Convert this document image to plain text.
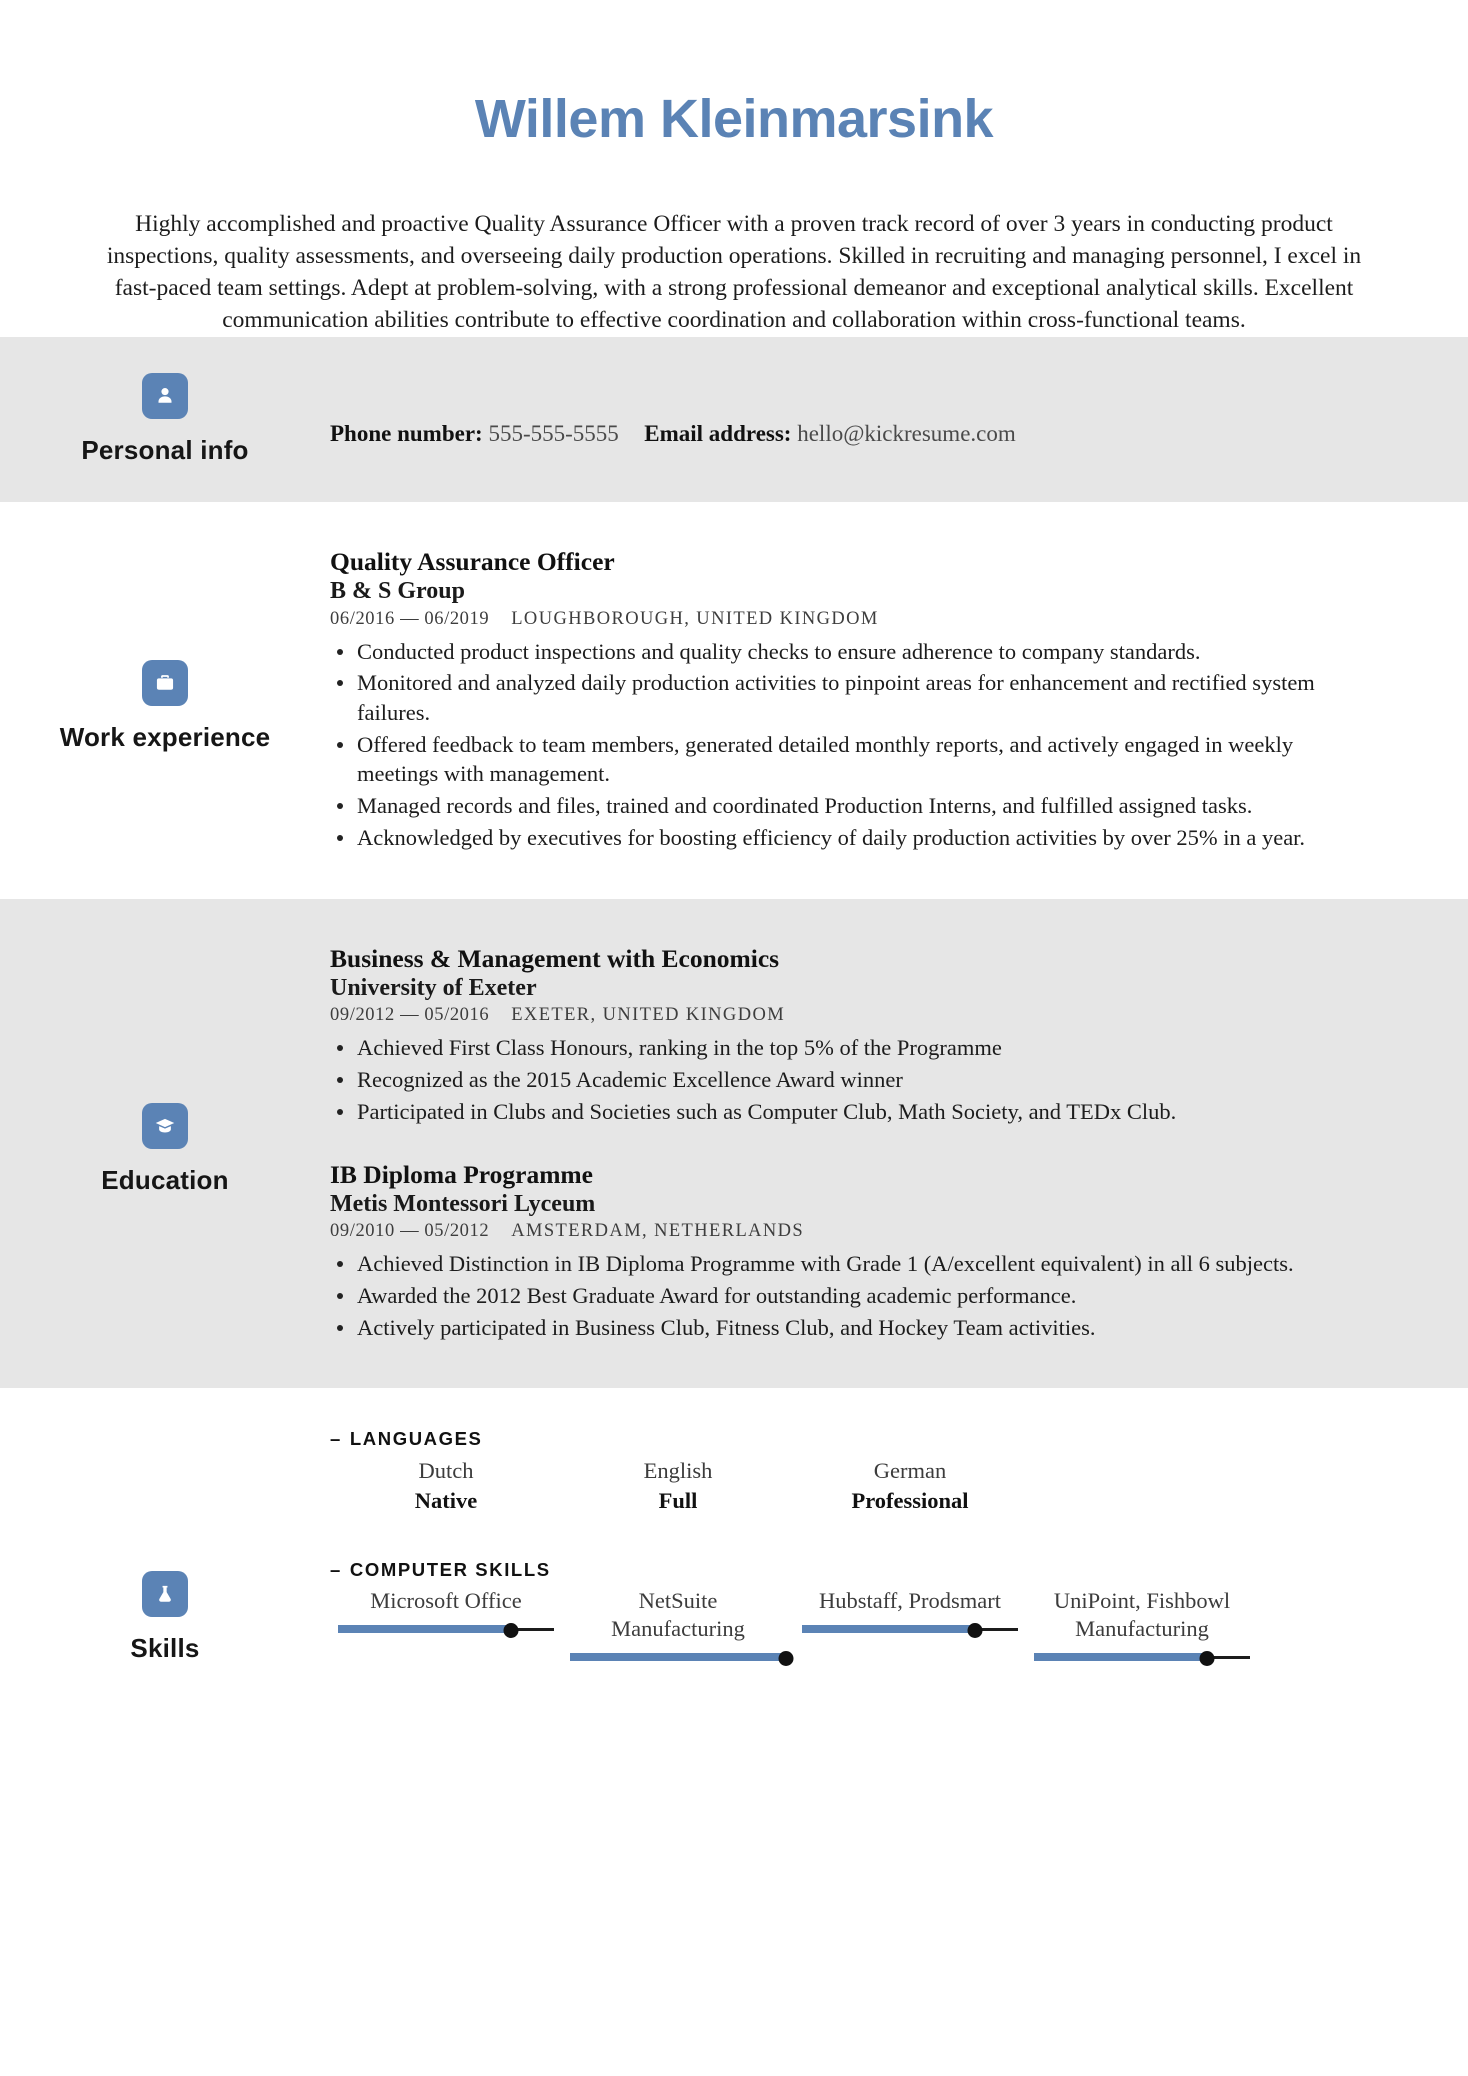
Willem Kleinmarsink
Highly accomplished and proactive Quality Assurance Officer with a proven track record of over 3 years in conducting product inspections, quality assessments, and overseeing daily production operations. Skilled in recruiting and managing personnel, I excel in fast-paced team settings. Adept at problem-solving, with a strong professional demeanor and exceptional analytical skills. Excellent communication abilities contribute to effective coordination and collaboration within cross-functional teams.
Personal info
Phone number: 555-555-5555 Email address: hello@kickresume.com
Work experience
Quality Assurance Officer
B & S Group
06/2016 — 06/2019 LOUGHBOROUGH, UNITED KINGDOM
Conducted product inspections and quality checks to ensure adherence to company standards.
Monitored and analyzed daily production activities to pinpoint areas for enhancement and rectified system failures.
Offered feedback to team members, generated detailed monthly reports, and actively engaged in weekly meetings with management.
Managed records and files, trained and coordinated Production Interns, and fulfilled assigned tasks.
Acknowledged by executives for boosting efficiency of daily production activities by over 25% in a year.
Education
Business & Management with Economics
University of Exeter
09/2012 — 05/2016 EXETER, UNITED KINGDOM
Achieved First Class Honours, ranking in the top 5% of the Programme
Recognized as the 2015 Academic Excellence Award winner
Participated in Clubs and Societies such as Computer Club, Math Society, and TEDx Club.
IB Diploma Programme
Metis Montessori Lyceum
09/2010 — 05/2012 AMSTERDAM, NETHERLANDS
Achieved Distinction in IB Diploma Programme with Grade 1 (A/excellent equivalent) in all 6 subjects.
Awarded the 2012 Best Graduate Award for outstanding academic performance.
Actively participated in Business Club, Fitness Club, and Hockey Team activities.
Skills
– LANGUAGES
Dutch
Native
English
Full
German
Professional
– COMPUTER SKILLS
Microsoft Office	NetSuite Manufacturing
Hubstaff, Prodsmart	UniPoint, Fishbowl Manufacturing
